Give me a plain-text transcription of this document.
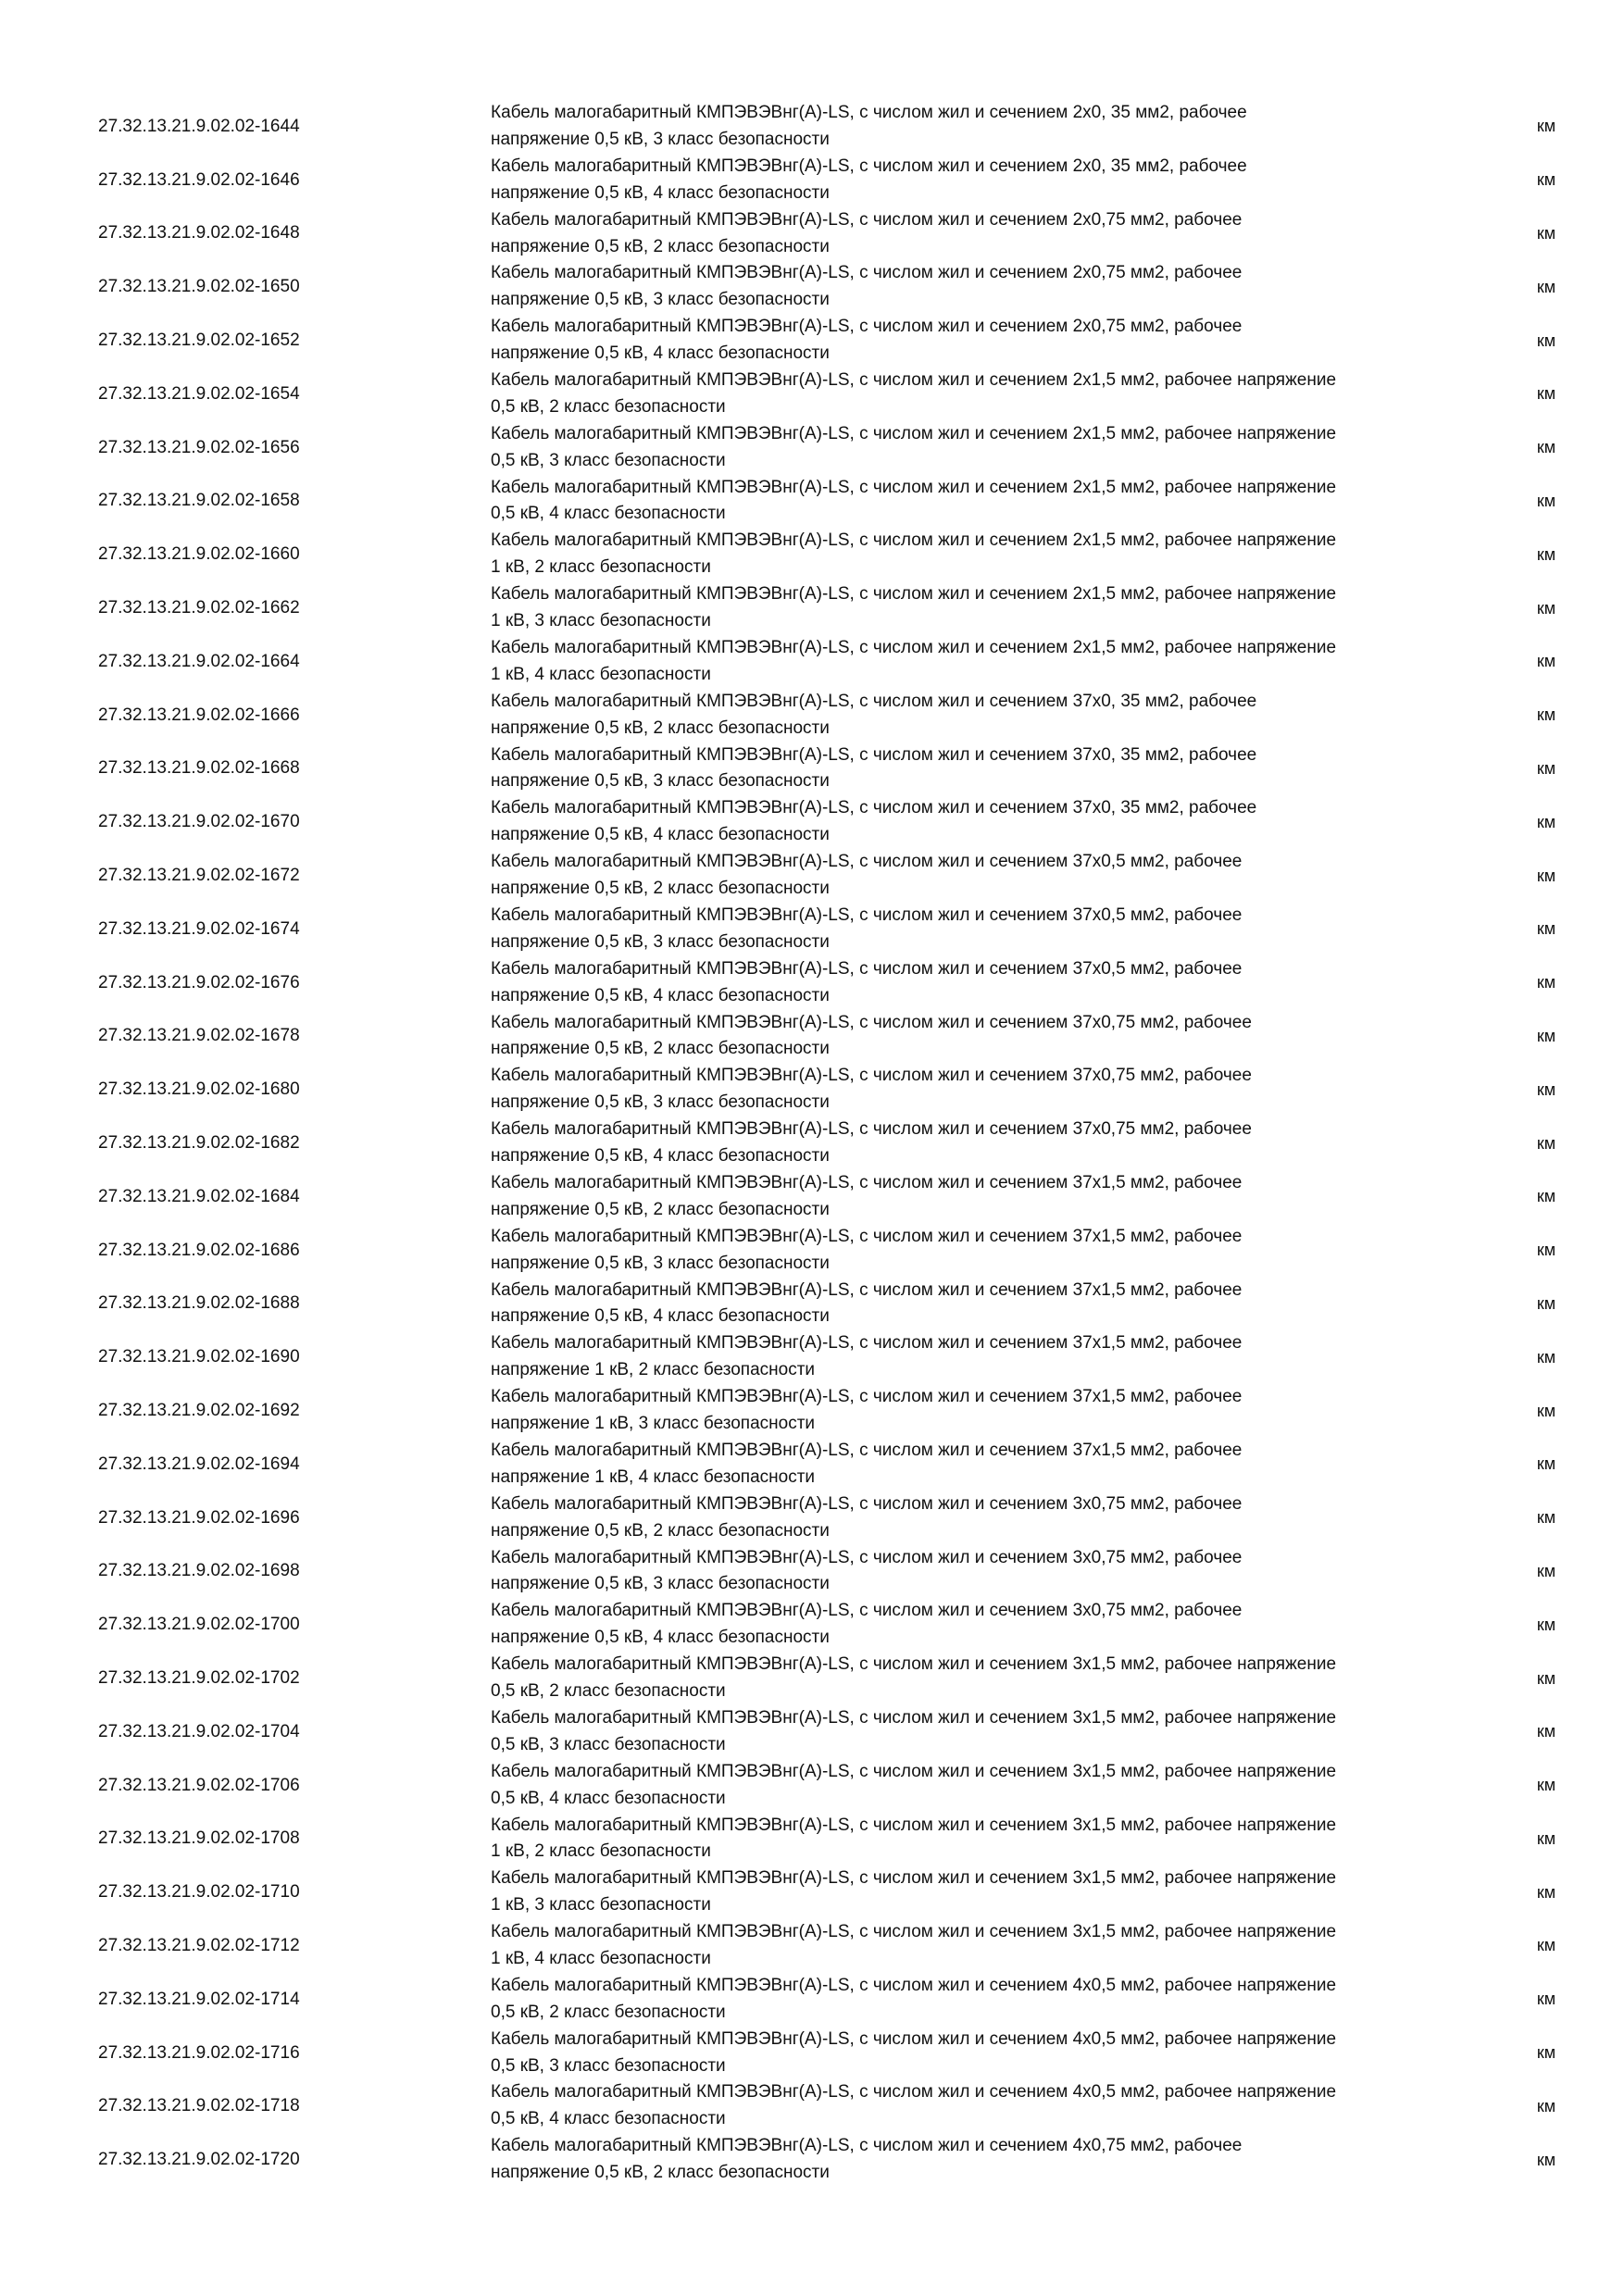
27.32.13.21.9.02.02-1644
Кабель малогабаритный КМПЭВЭВнг(А)-LS, с числом жил и сечением 2х0, 35 мм2, рабочее
напряжение 0,5 кВ, 3 класс безопасности
км
27.32.13.21.9.02.02-1646
Кабель малогабаритный КМПЭВЭВнг(А)-LS, с числом жил и сечением 2х0, 35 мм2, рабочее
напряжение 0,5 кВ, 4 класс безопасности
км
27.32.13.21.9.02.02-1648
Кабель малогабаритный КМПЭВЭВнг(А)-LS, с числом жил и сечением 2х0,75 мм2, рабочее
напряжение 0,5 кВ, 2 класс безопасности
км
27.32.13.21.9.02.02-1650
Кабель малогабаритный КМПЭВЭВнг(А)-LS, с числом жил и сечением 2х0,75 мм2, рабочее
напряжение 0,5 кВ, 3 класс безопасности
км
27.32.13.21.9.02.02-1652
Кабель малогабаритный КМПЭВЭВнг(А)-LS, с числом жил и сечением 2х0,75 мм2, рабочее
напряжение 0,5 кВ, 4 класс безопасности
км
27.32.13.21.9.02.02-1654
Кабель малогабаритный КМПЭВЭВнг(А)-LS, с числом жил и сечением 2х1,5 мм2, рабочее напряжение
0,5 кВ, 2 класс безопасности
км
27.32.13.21.9.02.02-1656
Кабель малогабаритный КМПЭВЭВнг(А)-LS, с числом жил и сечением 2х1,5 мм2, рабочее напряжение
0,5 кВ, 3 класс безопасности
км
27.32.13.21.9.02.02-1658
Кабель малогабаритный КМПЭВЭВнг(А)-LS, с числом жил и сечением 2х1,5 мм2, рабочее напряжение
0,5 кВ, 4 класс безопасности
км
27.32.13.21.9.02.02-1660
Кабель малогабаритный КМПЭВЭВнг(А)-LS, с числом жил и сечением 2х1,5 мм2, рабочее напряжение
1 кВ, 2 класс безопасности
км
27.32.13.21.9.02.02-1662
Кабель малогабаритный КМПЭВЭВнг(А)-LS, с числом жил и сечением 2х1,5 мм2, рабочее напряжение
1 кВ, 3 класс безопасности
км
27.32.13.21.9.02.02-1664
Кабель малогабаритный КМПЭВЭВнг(А)-LS, с числом жил и сечением 2х1,5 мм2, рабочее напряжение
1 кВ, 4 класс безопасности
км
27.32.13.21.9.02.02-1666
Кабель малогабаритный КМПЭВЭВнг(А)-LS, с числом жил и сечением 37х0, 35 мм2, рабочее
напряжение 0,5 кВ, 2 класс безопасности
км
27.32.13.21.9.02.02-1668
Кабель малогабаритный КМПЭВЭВнг(А)-LS, с числом жил и сечением 37х0, 35 мм2, рабочее
напряжение 0,5 кВ, 3 класс безопасности
км
27.32.13.21.9.02.02-1670
Кабель малогабаритный КМПЭВЭВнг(А)-LS, с числом жил и сечением 37х0, 35 мм2, рабочее
напряжение 0,5 кВ, 4 класс безопасности
км
27.32.13.21.9.02.02-1672
Кабель малогабаритный КМПЭВЭВнг(А)-LS, с числом жил и сечением 37х0,5 мм2, рабочее
напряжение 0,5 кВ, 2 класс безопасности
км
27.32.13.21.9.02.02-1674
Кабель малогабаритный КМПЭВЭВнг(А)-LS, с числом жил и сечением 37х0,5 мм2, рабочее
напряжение 0,5 кВ, 3 класс безопасности
км
27.32.13.21.9.02.02-1676
Кабель малогабаритный КМПЭВЭВнг(А)-LS, с числом жил и сечением 37х0,5 мм2, рабочее
напряжение 0,5 кВ, 4 класс безопасности
км
27.32.13.21.9.02.02-1678
Кабель малогабаритный КМПЭВЭВнг(А)-LS, с числом жил и сечением 37х0,75 мм2, рабочее
напряжение 0,5 кВ, 2 класс безопасности
км
27.32.13.21.9.02.02-1680
Кабель малогабаритный КМПЭВЭВнг(А)-LS, с числом жил и сечением 37х0,75 мм2, рабочее
напряжение 0,5 кВ, 3 класс безопасности
км
27.32.13.21.9.02.02-1682
Кабель малогабаритный КМПЭВЭВнг(А)-LS, с числом жил и сечением 37х0,75 мм2, рабочее
напряжение 0,5 кВ, 4 класс безопасности
км
27.32.13.21.9.02.02-1684
Кабель малогабаритный КМПЭВЭВнг(А)-LS, с числом жил и сечением 37х1,5 мм2, рабочее
напряжение 0,5 кВ, 2 класс безопасности
км
27.32.13.21.9.02.02-1686
Кабель малогабаритный КМПЭВЭВнг(А)-LS, с числом жил и сечением 37х1,5 мм2, рабочее
напряжение 0,5 кВ, 3 класс безопасности
км
27.32.13.21.9.02.02-1688
Кабель малогабаритный КМПЭВЭВнг(А)-LS, с числом жил и сечением 37х1,5 мм2, рабочее
напряжение 0,5 кВ, 4 класс безопасности
км
27.32.13.21.9.02.02-1690
Кабель малогабаритный КМПЭВЭВнг(А)-LS, с числом жил и сечением 37х1,5 мм2, рабочее
напряжение 1 кВ, 2 класс безопасности
км
27.32.13.21.9.02.02-1692
Кабель малогабаритный КМПЭВЭВнг(А)-LS, с числом жил и сечением 37х1,5 мм2, рабочее
напряжение 1 кВ, 3 класс безопасности
км
27.32.13.21.9.02.02-1694
Кабель малогабаритный КМПЭВЭВнг(А)-LS, с числом жил и сечением 37х1,5 мм2, рабочее
напряжение 1 кВ, 4 класс безопасности
км
27.32.13.21.9.02.02-1696
Кабель малогабаритный КМПЭВЭВнг(А)-LS, с числом жил и сечением 3х0,75 мм2, рабочее
напряжение 0,5 кВ, 2 класс безопасности
км
27.32.13.21.9.02.02-1698
Кабель малогабаритный КМПЭВЭВнг(А)-LS, с числом жил и сечением 3х0,75 мм2, рабочее
напряжение 0,5 кВ, 3 класс безопасности
км
27.32.13.21.9.02.02-1700
Кабель малогабаритный КМПЭВЭВнг(А)-LS, с числом жил и сечением 3х0,75 мм2, рабочее
напряжение 0,5 кВ, 4 класс безопасности
км
27.32.13.21.9.02.02-1702
Кабель малогабаритный КМПЭВЭВнг(А)-LS, с числом жил и сечением 3х1,5 мм2, рабочее напряжение
0,5 кВ, 2 класс безопасности
км
27.32.13.21.9.02.02-1704
Кабель малогабаритный КМПЭВЭВнг(А)-LS, с числом жил и сечением 3х1,5 мм2, рабочее напряжение
0,5 кВ, 3 класс безопасности
км
27.32.13.21.9.02.02-1706
Кабель малогабаритный КМПЭВЭВнг(А)-LS, с числом жил и сечением 3х1,5 мм2, рабочее напряжение
0,5 кВ, 4 класс безопасности
км
27.32.13.21.9.02.02-1708
Кабель малогабаритный КМПЭВЭВнг(А)-LS, с числом жил и сечением 3х1,5 мм2, рабочее напряжение
1 кВ, 2 класс безопасности
км
27.32.13.21.9.02.02-1710
Кабель малогабаритный КМПЭВЭВнг(А)-LS, с числом жил и сечением 3х1,5 мм2, рабочее напряжение
1 кВ, 3 класс безопасности
км
27.32.13.21.9.02.02-1712
Кабель малогабаритный КМПЭВЭВнг(А)-LS, с числом жил и сечением 3х1,5 мм2, рабочее напряжение
1 кВ, 4 класс безопасности
км
27.32.13.21.9.02.02-1714
Кабель малогабаритный КМПЭВЭВнг(А)-LS, с числом жил и сечением 4х0,5 мм2, рабочее напряжение
0,5 кВ, 2 класс безопасности
км
27.32.13.21.9.02.02-1716
Кабель малогабаритный КМПЭВЭВнг(А)-LS, с числом жил и сечением 4х0,5 мм2, рабочее напряжение
0,5 кВ, 3 класс безопасности
км
27.32.13.21.9.02.02-1718
Кабель малогабаритный КМПЭВЭВнг(А)-LS, с числом жил и сечением 4х0,5 мм2, рабочее напряжение
0,5 кВ, 4 класс безопасности
км
27.32.13.21.9.02.02-1720
Кабель малогабаритный КМПЭВЭВнг(А)-LS, с числом жил и сечением 4х0,75 мм2, рабочее
напряжение 0,5 кВ, 2 класс безопасности
км
